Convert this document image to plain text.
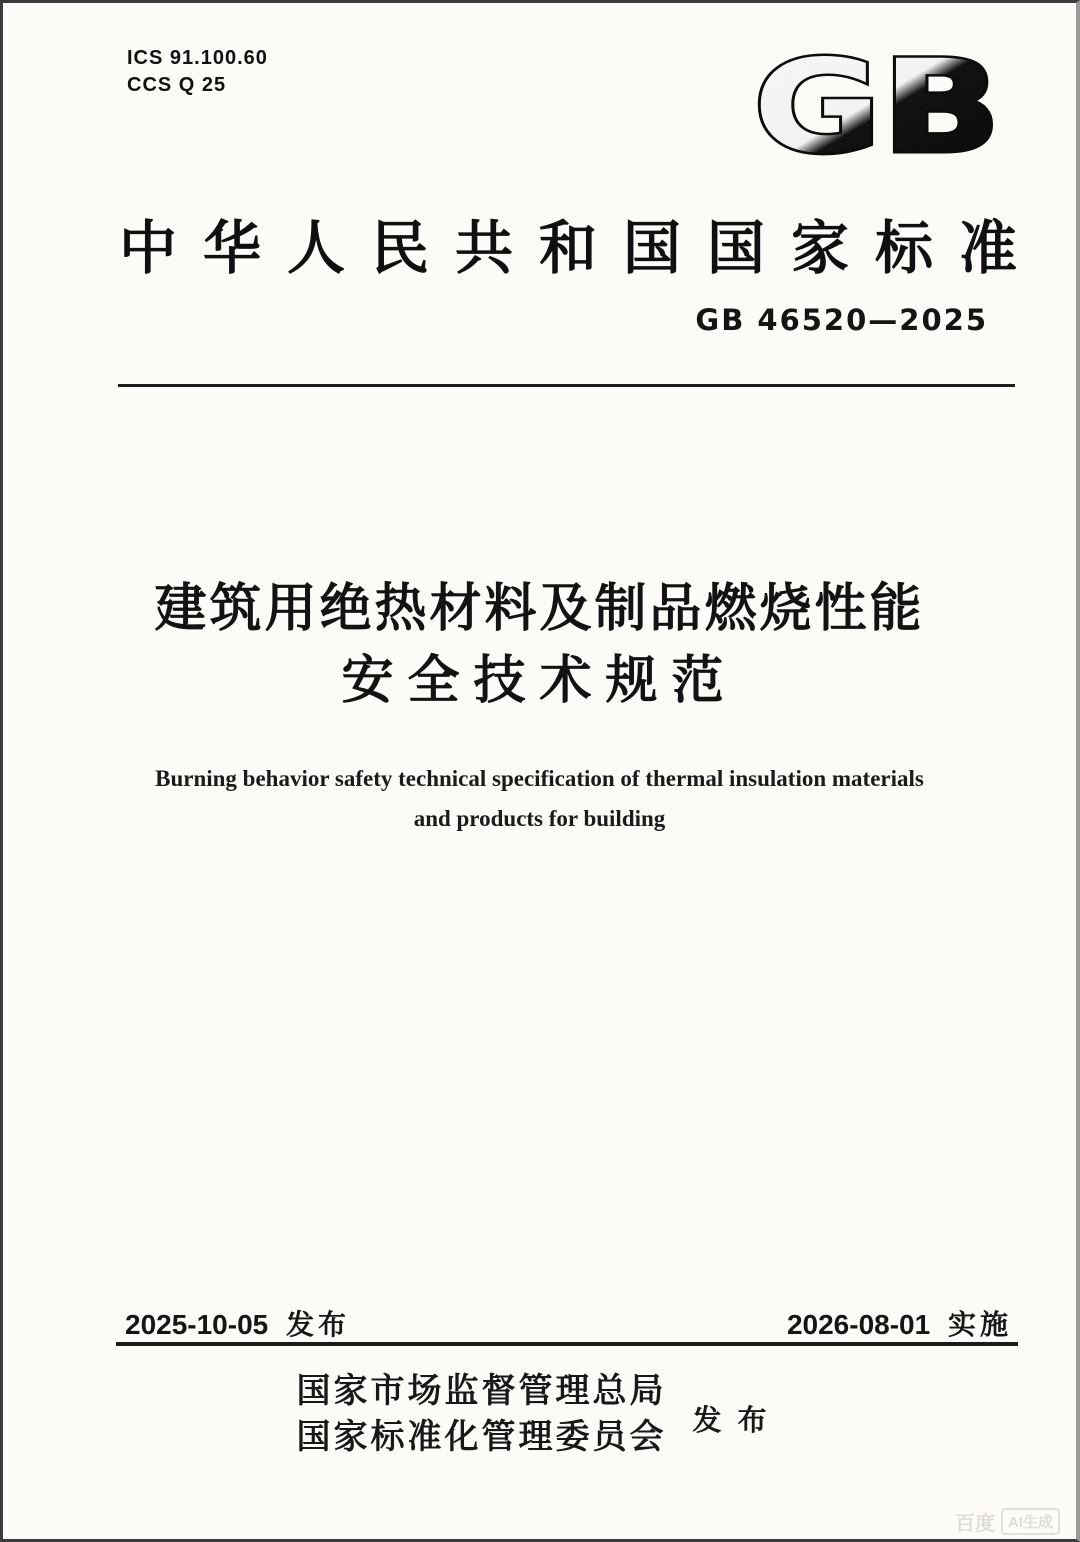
ICS 91.100.60
CCS Q 25	GB
中华人民共和国国家标准
GB 46520—2025
建筑用绝热材料及制品燃烧性能
安全技术规范
Burning behavior safety technical specification of thermal insulation materials
and products for building
2025-10-05 发布	2026-08-01 实施
国家市场监督管理总局
国家标准化管理委员会 发布
百度 AI生成
